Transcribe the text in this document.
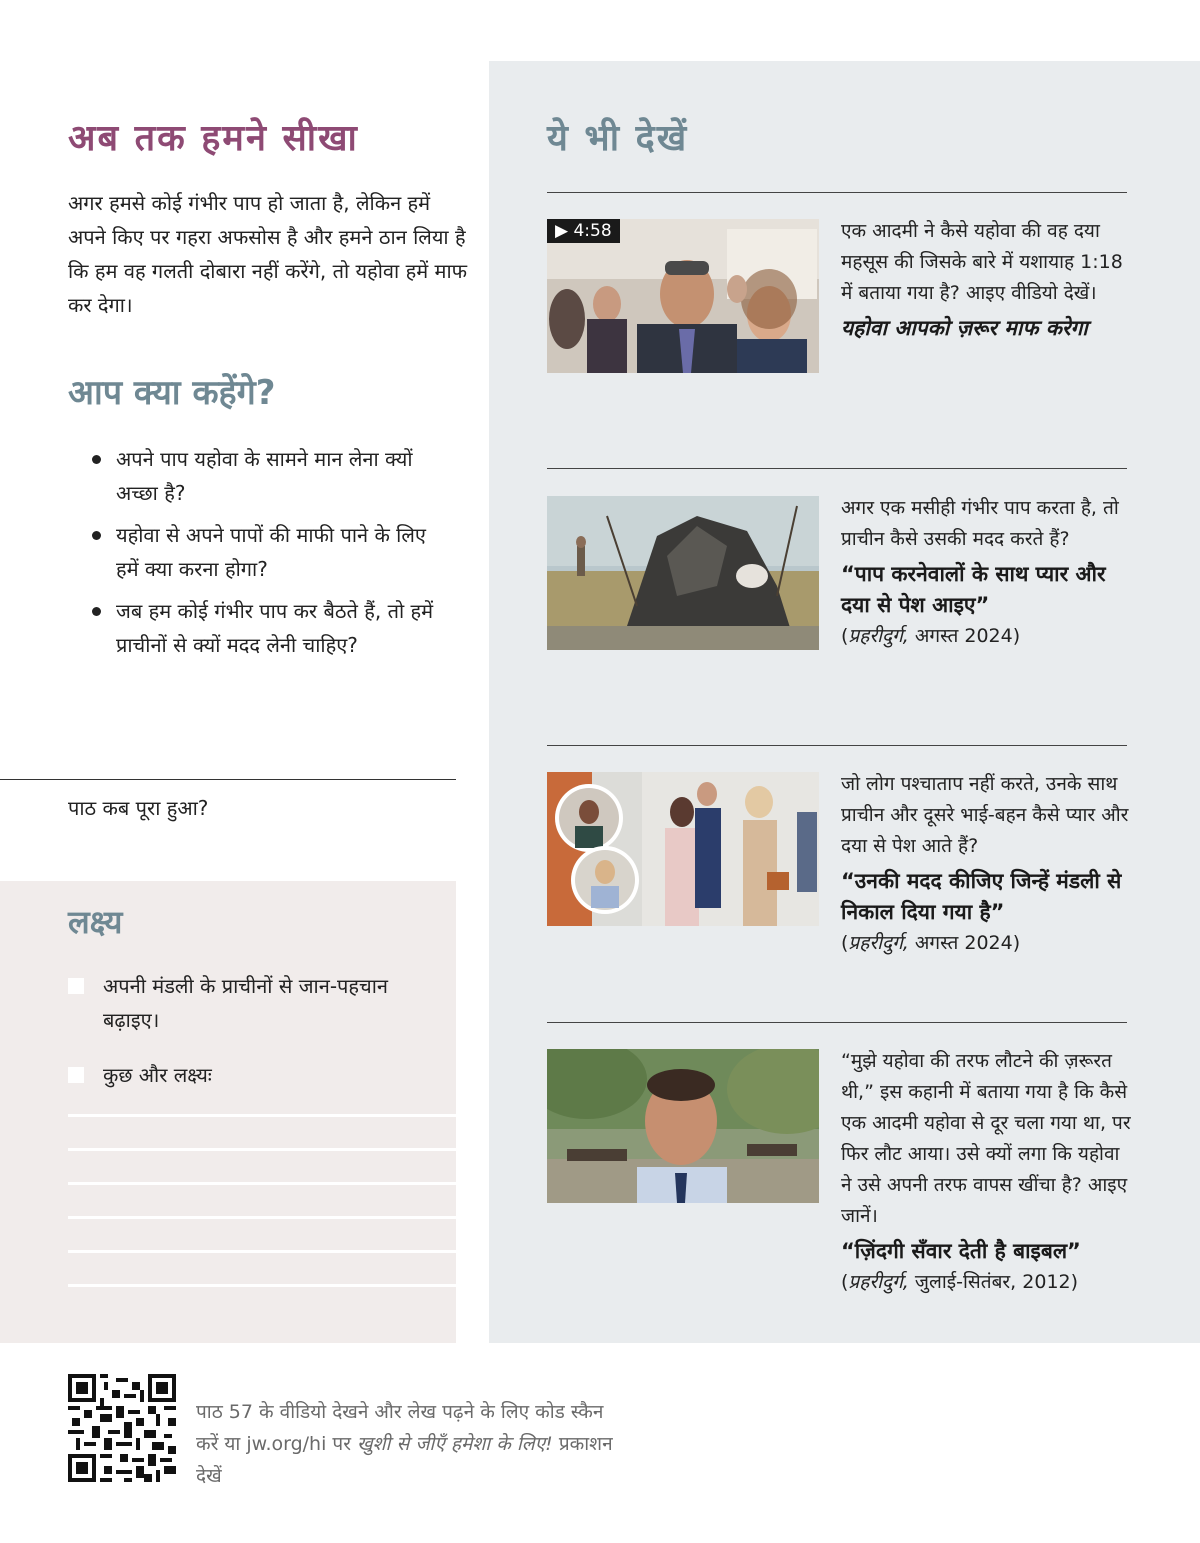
अब तक हमने सीखा

अगर हमसे कोई गंभीर पाप हो जाता है, लेकिन हमें अपने किए पर गहरा अफसोस है और हमने ठान लिया है कि हम वह गलती दोबारा नहीं करेंगे, तो यहोवा हमें माफ कर देगा।

आप क्या कहेंगे?
अपने पाप यहोवा के सामने मान लेना क्यों अच्छा है?
यहोवा से अपने पापों की माफी पाने के लिए हमें क्या करना होगा?
जब हम कोई गंभीर पाप कर बैठते हैं, तो हमें प्राचीनों से क्यों मदद लेनी चाहिए?
पाठ कब पूरा हुआ?
लक्ष्य
अपनी मंडली के प्राचीनों से जान-पहचान बढ़ाइए।
कुछ और लक्ष्यः
ये भी देखें
▶ 4:58	एक आदमी ने कैसे यहोवा की वह दया महसूस की जिसके बारे में यशायाह 1:18 में बताया गया है? आइए वीडियो देखें।
यहोवा आपको ज़रूर माफ करेगा
अगर एक मसीही गंभीर पाप करता है, तो प्राचीन कैसे उसकी मदद करते हैं?
“पाप करनेवालों के साथ प्यार और दया से पेश आइए”
(प्रहरीदुर्ग, अगस्त 2024)
जो लोग पश्चाताप नहीं करते, उनके साथ प्राचीन और दूसरे भाई-बहन कैसे प्यार और दया से पेश आते हैं?
“उनकी मदद कीजिए जिन्हें मंडली से निकाल दिया गया है”
(प्रहरीदुर्ग, अगस्त 2024)
“मुझे यहोवा की तरफ लौटने की ज़रूरत थी,” इस कहानी में बताया गया है कि कैसे एक आदमी यहोवा से दूर चला गया था, पर फिर लौट आया। उसे क्यों लगा कि यहोवा ने उसे अपनी तरफ वापस खींचा है? आइए जानें।
“ज़िंदगी सँवार देती है बाइबल”
(प्रहरीदुर्ग, जुलाई-सितंबर, 2012)

पाठ 57 के वीडियो देखने और लेख पढ़ने के लिए कोड स्कैन करें या jw.org/hi पर खुशी से जीएँ हमेशा के लिए! प्रकाशन देखें
